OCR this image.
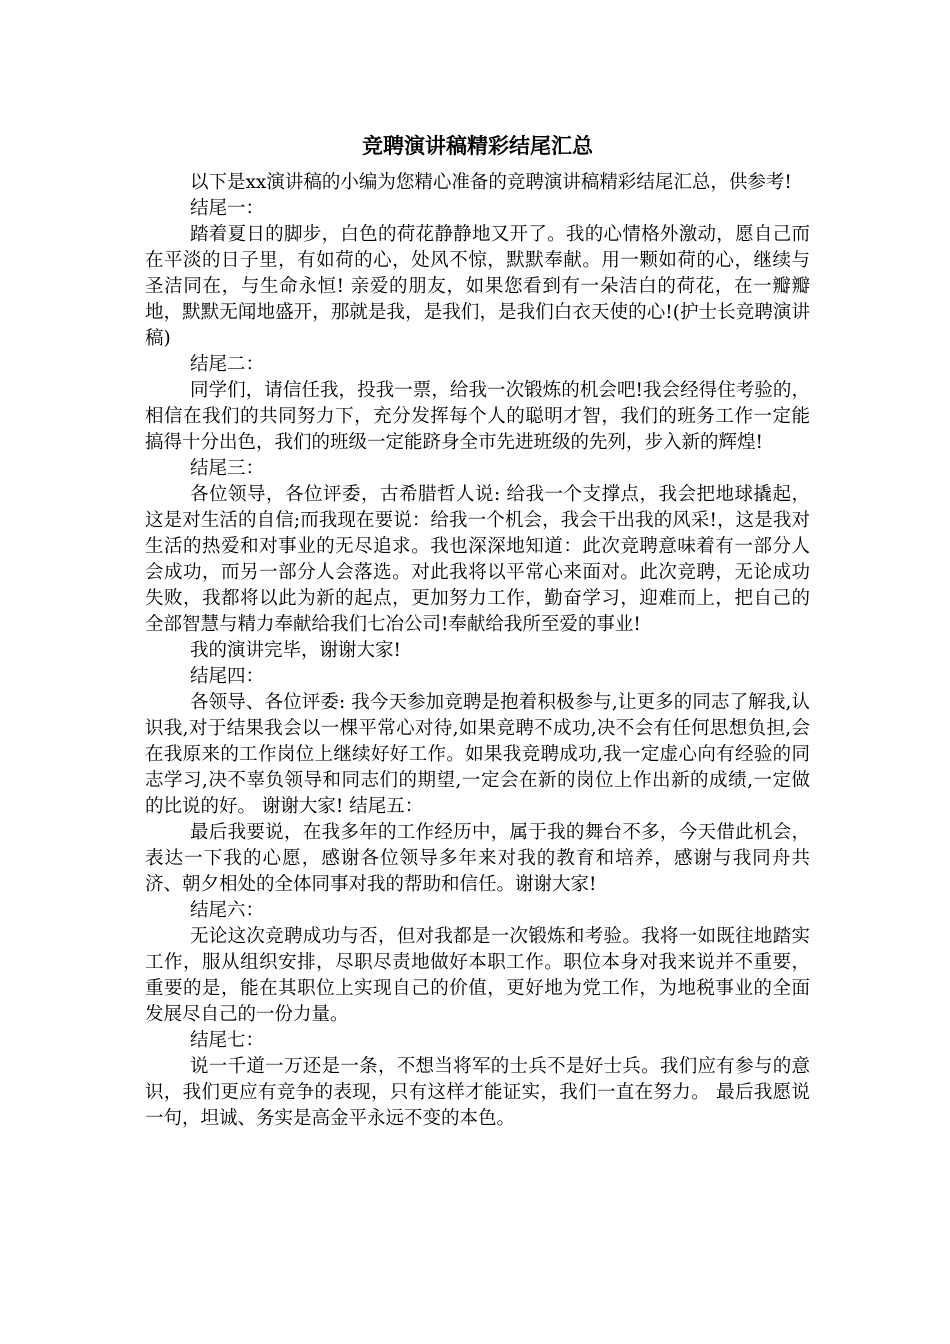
竞聘演讲稿精彩结尾汇总

以下是xx演讲稿的小编为您精心准备的竞聘演讲稿精彩结尾汇总，供参考!

结尾一：

踏着夏日的脚步，白色的荷花静静地又开了。我的心情格外激动，愿自己而在平淡的日子里，有如荷的心，处风不惊，默默奉献。用一颗如荷的心，继续与圣洁同在，与生命永恒! 亲爱的朋友，如果您看到有一朵洁白的荷花，在一瓣瓣地，默默无闻地盛开，那就是我，是我们，是我们白衣天使的心!(护士长竞聘演讲稿)

结尾二：

同学们，请信任我，投我一票，给我一次锻炼的机会吧!我会经得住考验的，相信在我们的共同努力下，充分发挥每个人的聪明才智，我们的班务工作一定能搞得十分出色，我们的班级一定能跻身全市先进班级的先列，步入新的辉煌!

结尾三：

各位领导，各位评委，古希腊哲人说: 给我一个支撑点，我会把地球撬起，这是对生活的自信;而我现在要说：给我一个机会，我会干出我的风采!，这是我对生活的热爱和对事业的无尽追求。我也深深地知道：此次竞聘意味着有一部分人会成功，而另一部分人会落选。对此我将以平常心来面对。此次竞聘，无论成功失败，我都将以此为新的起点，更加努力工作，勤奋学习，迎难而上，把自己的全部智慧与精力奉献给我们七冶公司!奉献给我所至爱的事业!

我的演讲完毕，谢谢大家!

结尾四：

各领导、各位评委: 我今天参加竞聘是抱着积极参与,让更多的同志了解我,认识我,对于结果我会以一棵平常心对待,如果竞聘不成功,决不会有任何思想负担,会在我原来的工作岗位上继续好好工作。如果我竞聘成功,我一定虚心向有经验的同志学习,决不辜负领导和同志们的期望,一定会在新的岗位上作出新的成绩,一定做的比说的好。 谢谢大家! 结尾五：

最后我要说，在我多年的工作经历中，属于我的舞台不多，今天借此机会，表达一下我的心愿，感谢各位领导多年来对我的教育和培养，感谢与我同舟共济、朝夕相处的全体同事对我的帮助和信任。谢谢大家!

结尾六：

无论这次竞聘成功与否，但对我都是一次锻炼和考验。我将一如既往地踏实工作，服从组织安排，尽职尽责地做好本职工作。职位本身对我来说并不重要，重要的是，能在其职位上实现自己的价值，更好地为党工作，为地税事业的全面发展尽自己的一份力量。

结尾七：

说一千道一万还是一条，不想当将军的士兵不是好士兵。我们应有参与的意识，我们更应有竞争的表现，只有这样才能证实，我们一直在努力。 最后我愿说一句，坦诚、务实是高金平永远不变的本色。
